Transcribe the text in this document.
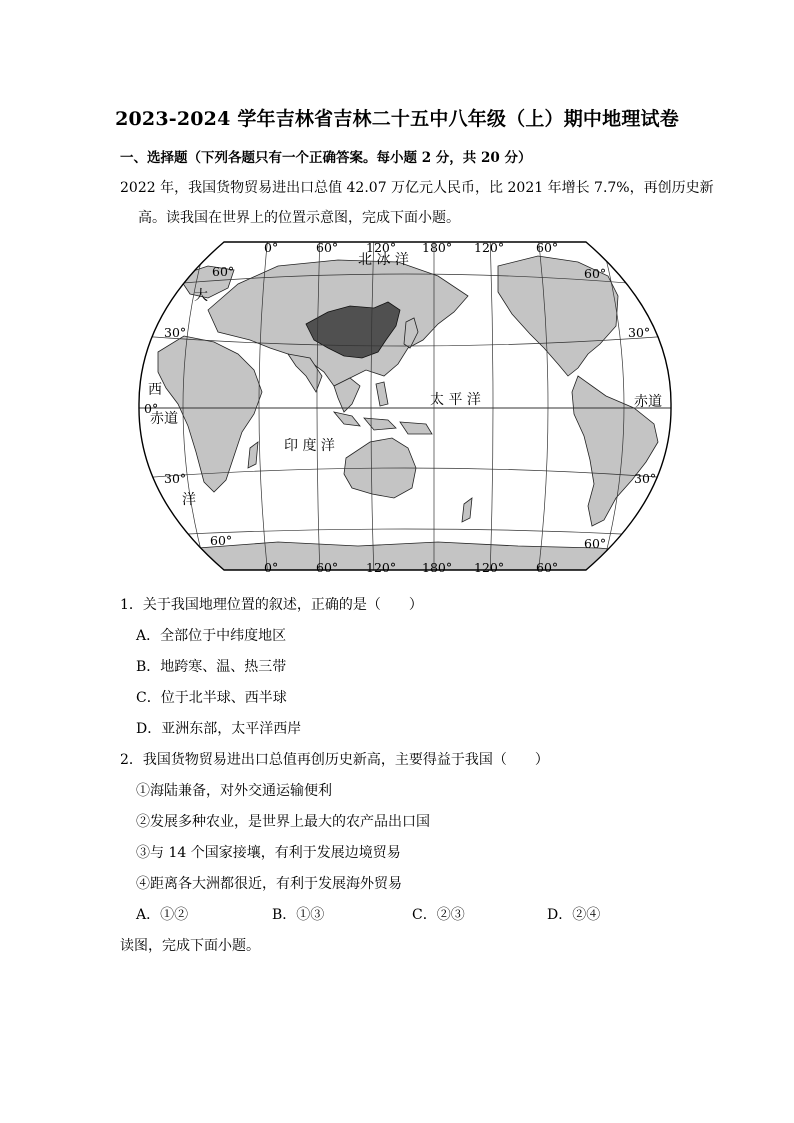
2023-2024 学年吉林省吉林二十五中八年级（上）期中地理试卷
一、选择题（下列各题只有一个正确答案。每小题 2 分，共 20 分）
2022 年，我国货物贸易进出口总值 42.07 万亿元人民币，比 2021 年增长 7.7%，再创历史新
高。读我国在世界上的位置示意图，完成下面小题。
0°	60° 120° 180° 120°	60°
0°	60° 120° 180° 120°	60°
60°
30°
0°
30°
60°
60°
30°
30°
60°
北 冰 洋
太 平 洋
印 度 洋
大
西
洋
赤道
赤道
1．关于我国地理位置的叙述，正确的是（　　）
A．全部位于中纬度地区
B．地跨寒、温、热三带
C．位于北半球、西半球
D．亚洲东部，太平洋西岸
2．我国货物贸易进出口总值再创历史新高，主要得益于我国（　　）
①海陆兼备，对外交通运输便利
②发展多种农业，是世界上最大的农产品出口国
③与 14 个国家接壤，有利于发展边境贸易
④距离各大洲都很近，有利于发展海外贸易
A．①②	B．①③	C．②③	D．②④
读图，完成下面小题。
